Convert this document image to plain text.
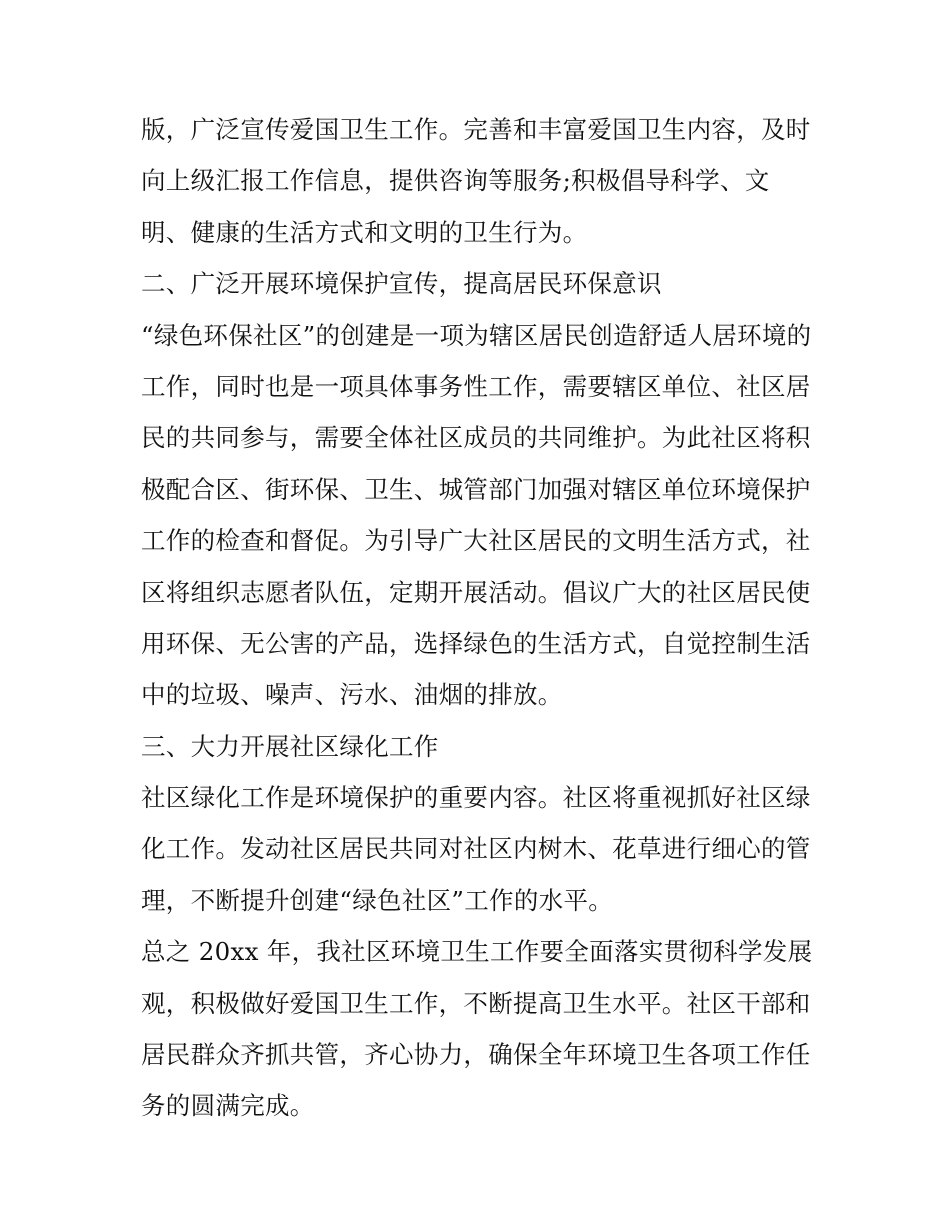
版，广泛宣传爱国卫生工作。完善和丰富爱国卫生内容，及时
向上级汇报工作信息，提供咨询等服务;积极倡导科学、文
明、健康的生活方式和文明的卫生行为。
二、广泛开展环境保护宣传，提高居民环保意识
“绿色环保社区”的创建是一项为辖区居民创造舒适人居环境的
工作，同时也是一项具体事务性工作，需要辖区单位、社区居
民的共同参与，需要全体社区成员的共同维护。为此社区将积
极配合区、街环保、卫生、城管部门加强对辖区单位环境保护
工作的检查和督促。为引导广大社区居民的文明生活方式，社
区将组织志愿者队伍，定期开展活动。倡议广大的社区居民使
用环保、无公害的产品，选择绿色的生活方式，自觉控制生活
中的垃圾、噪声、污水、油烟的排放。
三、大力开展社区绿化工作
社区绿化工作是环境保护的重要内容。社区将重视抓好社区绿
化工作。发动社区居民共同对社区内树木、花草进行细心的管
理，不断提升创建“绿色社区”工作的水平。
总之 20xx 年，我社区环境卫生工作要全面落实贯彻科学发展
观，积极做好爱国卫生工作，不断提高卫生水平。社区干部和
居民群众齐抓共管，齐心协力，确保全年环境卫生各项工作任
务的圆满完成。
